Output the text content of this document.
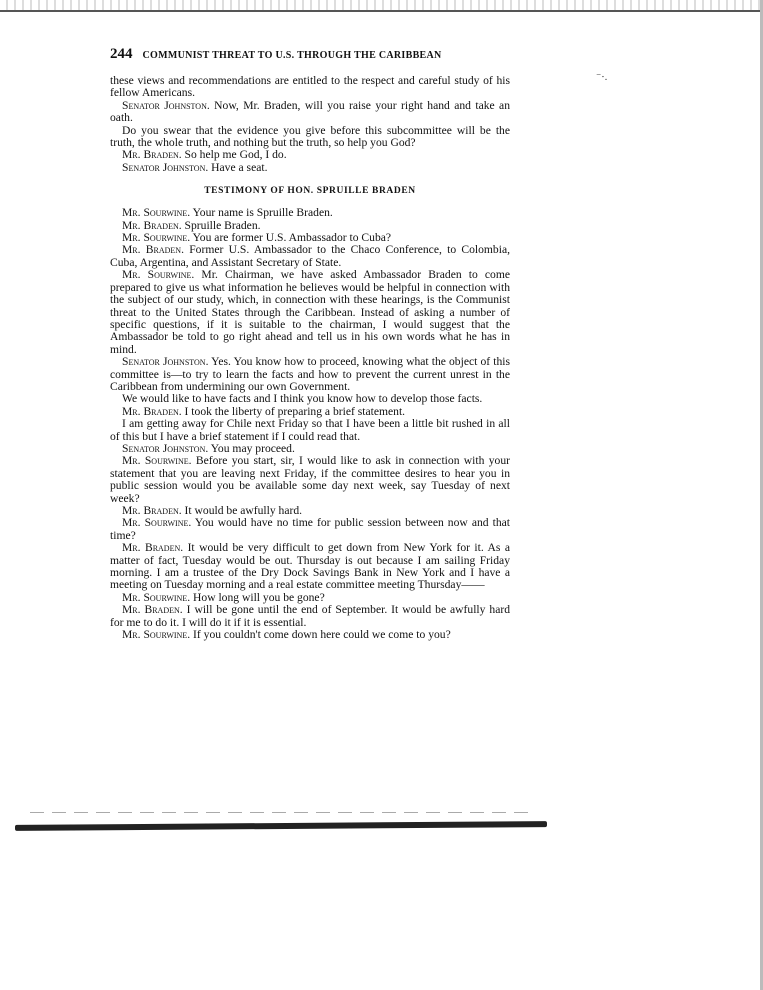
⁻⋅.
244 COMMUNIST THREAT TO U.S. THROUGH THE CARIBBEAN

these views and recommendations are entitled to the respect and careful study of his fellow Americans.

Senator Johnston. Now, Mr. Braden, will you raise your right hand and take an oath.

Do you swear that the evidence you give before this subcommittee will be the truth, the whole truth, and nothing but the truth, so help you God?

Mr. Braden. So help me God, I do.

Senator Johnston. Have a seat.

TESTIMONY OF HON. SPRUILLE BRADEN

Mr. Sourwine. Your name is Spruille Braden.

Mr. Braden. Spruille Braden.

Mr. Sourwine. You are former U.S. Ambassador to Cuba?

Mr. Braden. Former U.S. Ambassador to the Chaco Conference, to Colombia, Cuba, Argentina, and Assistant Secretary of State.

Mr. Sourwine. Mr. Chairman, we have asked Ambassador Braden to come prepared to give us what information he believes would be helpful in connection with the subject of our study, which, in connection with these hearings, is the Communist threat to the United States through the Caribbean. Instead of asking a number of specific questions, if it is suitable to the chairman, I would suggest that the Ambassador be told to go right ahead and tell us in his own words what he has in mind.

Senator Johnston. Yes. You know how to proceed, knowing what the object of this committee is—to try to learn the facts and how to prevent the current unrest in the Caribbean from undermining our own Government.

We would like to have facts and I think you know how to develop those facts.

Mr. Braden. I took the liberty of preparing a brief statement.

I am getting away for Chile next Friday so that I have been a little bit rushed in all of this but I have a brief statement if I could read that.

Senator Johnston. You may proceed.

Mr. Sourwine. Before you start, sir, I would like to ask in connection with your statement that you are leaving next Friday, if the committee desires to hear you in public session would you be available some day next week, say Tuesday of next week?

Mr. Braden. It would be awfully hard.

Mr. Sourwine. You would have no time for public session between now and that time?

Mr. Braden. It would be very difficult to get down from New York for it. As a matter of fact, Tuesday would be out. Thursday is out because I am sailing Friday morning. I am a trustee of the Dry Dock Savings Bank in New York and I have a meeting on Tuesday morning and a real estate committee meeting Thursday——

Mr. Sourwine. How long will you be gone?

Mr. Braden. I will be gone until the end of September. It would be awfully hard for me to do it. I will do it if it is essential.

Mr. Sourwine. If you couldn't come down here could we come to you?
